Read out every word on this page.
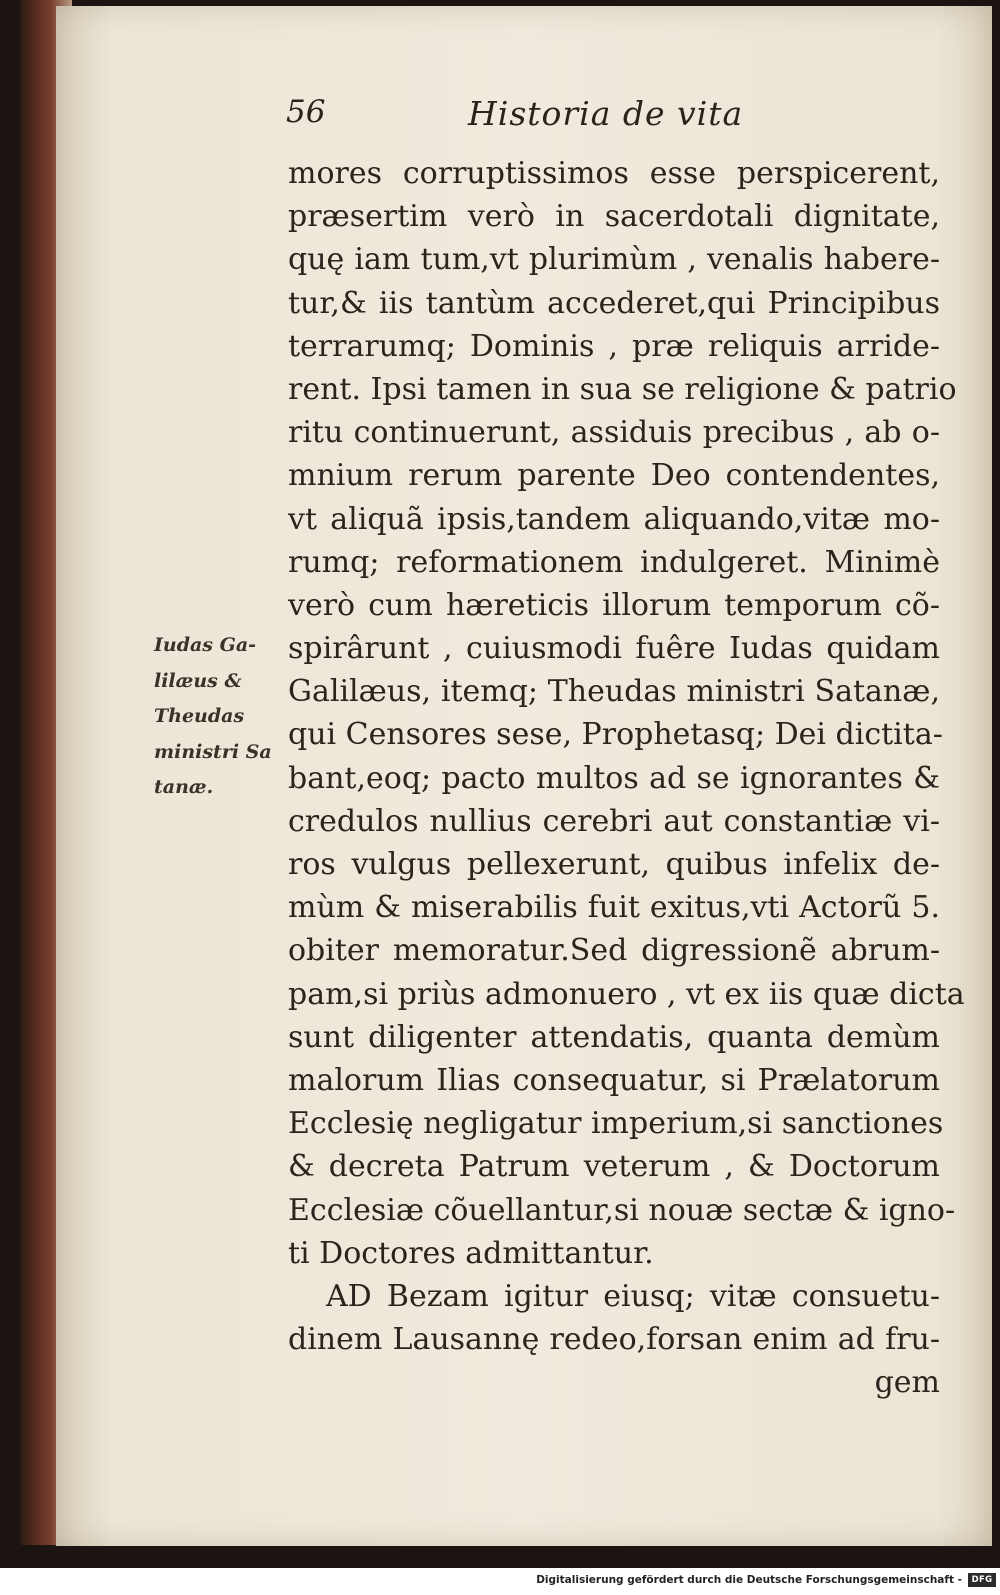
56	Historia de vita
Iudas Ga-
lilæus &
Theudas
ministri Sa
tanæ.
mores corruptissimos esse perspicerent,
præsertim verò in sacerdotali dignitate,
quę iam tum,vt plurimùm , venalis habere-
tur,& iis tantùm accederet,qui Principibus
terrarumq; Dominis , præ reliquis arride-
rent. Ipsi tamen in sua se religione & patrio
ritu continuerunt, assiduis precibus , ab o-
mnium rerum parente Deo contendentes,
vt aliquã ipsis,tandem aliquando,vitæ mo-
rumq; reformationem indulgeret. Minimè
verò cum hæreticis illorum temporum cõ-
spirârunt , cuiusmodi fuêre Iudas quidam
Galilæus, itemq; Theudas ministri Satanæ,
qui Censores sese, Prophetasq; Dei dictita-
bant,eoq; pacto multos ad se ignorantes &
credulos nullius cerebri aut constantiæ vi-
ros vulgus pellexerunt, quibus infelix de-
mùm & miserabilis fuit exitus,vti Actorũ 5.
obiter memoratur.Sed digressionẽ abrum-
pam,si priùs admonuero , vt ex iis quæ dicta
sunt diligenter attendatis, quanta demùm
malorum Ilias consequatur, si Prælatorum
Ecclesię negligatur imperium,si sanctiones
& decreta Patrum veterum , & Doctorum
Ecclesiæ cõuellantur,si nouæ sectæ & igno-
ti Doctores admittantur.
AD Bezam igitur eiusq; vitæ consuetu-
dinem Lausannę redeo,forsan enim ad fru-
gem
Digitalisierung gefördert durch die Deutsche Forschungsgemeinschaft -	DFG
